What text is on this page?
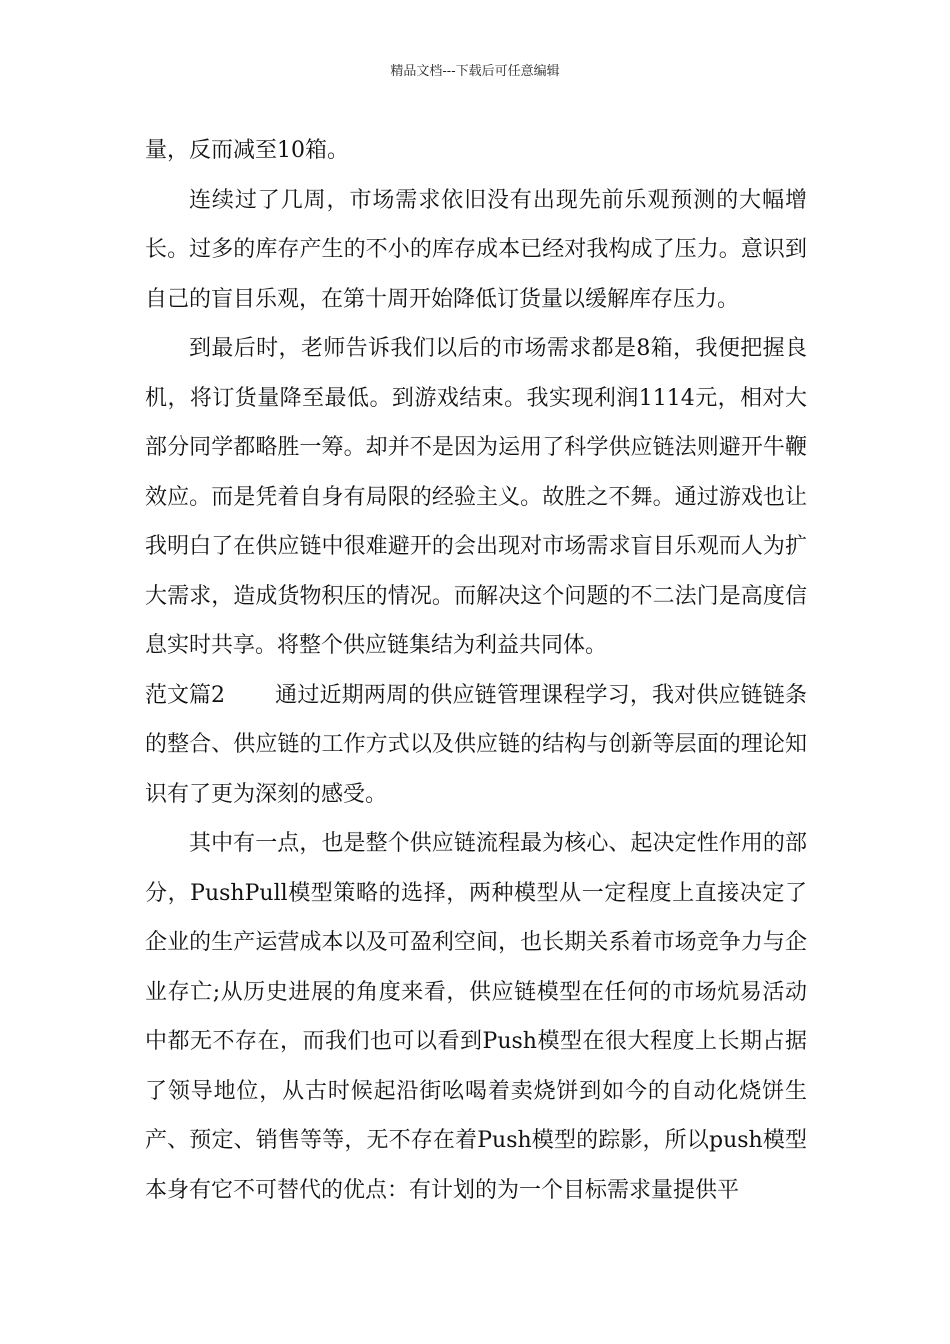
精品文档---下载后可任意编辑

量，反而减至10箱。

连续过了几周，市场需求依旧没有出现先前乐观预测的大幅增长。过多的库存产生的不小的库存成本已经对我构成了压力。意识到自己的盲目乐观，在第十周开始降低订货量以缓解库存压力。

到最后时，老师告诉我们以后的市场需求都是8箱，我便把握良机，将订货量降至最低。到游戏结束。我实现利润1114元，相对大部分同学都略胜一筹。却并不是因为运用了科学供应链法则避开牛鞭效应。而是凭着自身有局限的经验主义。故胜之不舞。通过游戏也让我明白了在供应链中很难避开的会出现对市场需求盲目乐观而人为扩大需求，造成货物积压的情况。而解决这个问题的不二法门是高度信息实时共享。将整个供应链集结为利益共同体。

范文篇2 通过近期两周的供应链管理课程学习，我对供应链链条的整合、供应链的工作方式以及供应链的结构与创新等层面的理论知识有了更为深刻的感受。

其中有一点，也是整个供应链流程最为核心、起决定性作用的部分，PushPull模型策略的选择，两种模型从一定程度上直接决定了企业的生产运营成本以及可盈利空间，也长期关系着市场竞争力与企业存亡;从历史进展的角度来看，供应链模型在任何的市场炕易活动中都无不存在，而我们也可以看到Push模型在很大程度上长期占据了领导地位，从古时候起沿街吆喝着卖烧饼到如今的自动化烧饼生产、预定、销售等等，无不存在着Push模型的踪影，所以push模型本身有它不可替代的优点：有计划的为一个目标需求量提供平
